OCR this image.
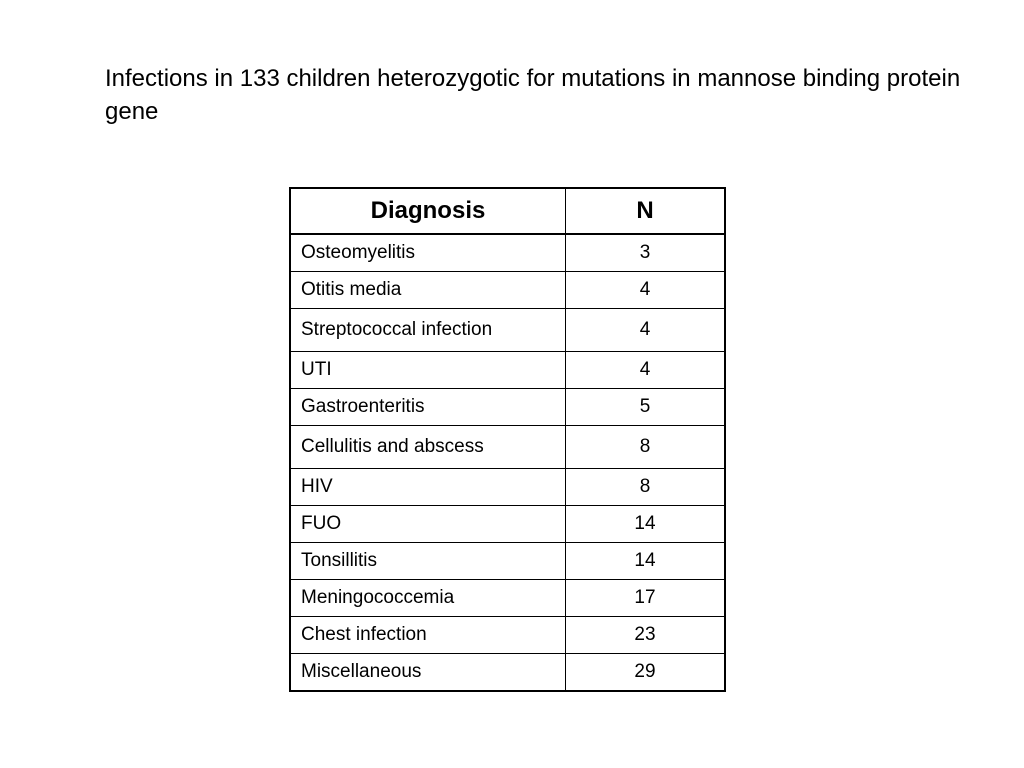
Infections in 133 children heterozygotic for mutations in mannose binding protein gene
Diagnosis	N
Osteomyelitis	3
Otitis media	4
Streptococcal infection	4
UTI	4
Gastroenteritis	5
Cellulitis and abscess	8
HIV	8
FUO	14
Tonsillitis	14
Meningococcemia	17
Chest infection	23
Miscellaneous	29
